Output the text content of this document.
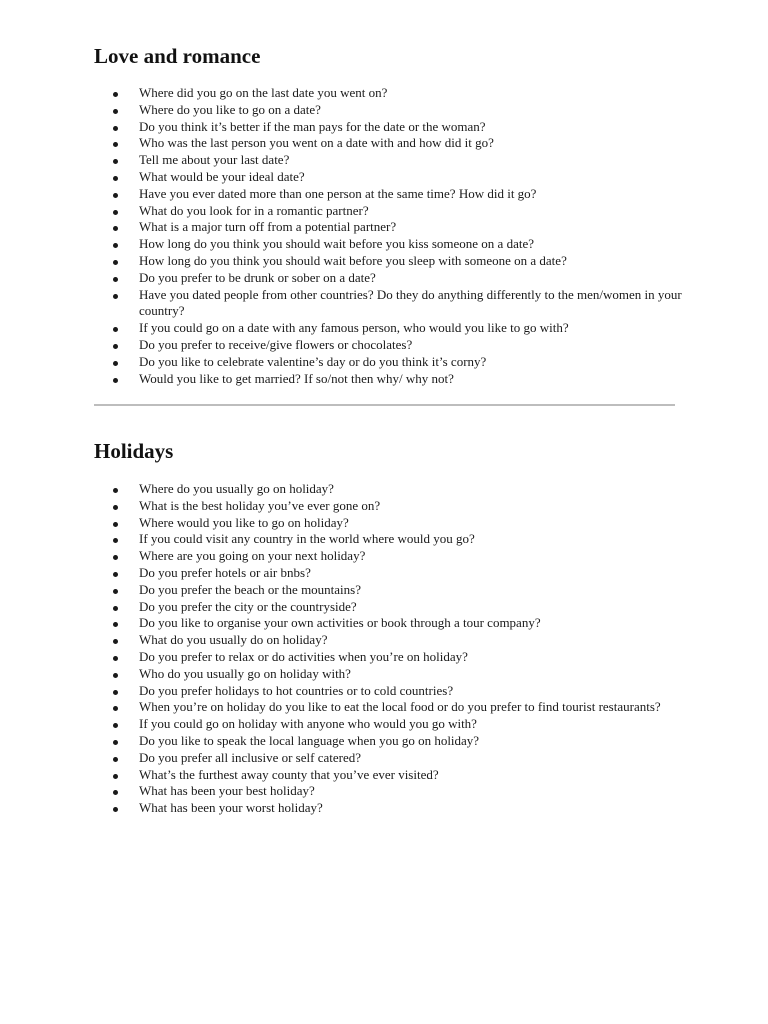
Love and romance
Where did you go on the last date you went on?
Where do you like to go on a date?
Do you think it’s better if the man pays for the date or the woman?
Who was the last person you went on a date with and how did it go?
Tell me about your last date?
What would be your ideal date?
Have you ever dated more than one person at the same time? How did it go?
What do you look for in a romantic partner?
What is a major turn off from a potential partner?
How long do you think you should wait before you kiss someone on a date?
How long do you think you should wait before you sleep with someone on a date?
Do you prefer to be drunk or sober on a date?
Have you dated people from other countries? Do they do anything differently to the men/women in your country?
If you could go on a date with any famous person, who would you like to go with?
Do you prefer to receive/give flowers or chocolates?
Do you like to celebrate valentine’s day or do you think it’s corny?
Would you like to get married? If so/not then why/ why not?
Holidays
Where do you usually go on holiday?
What is the best holiday you’ve ever gone on?
Where would you like to go on holiday?
If you could visit any country in the world where would you go?
Where are you going on your next holiday?
Do you prefer hotels or air bnbs?
Do you prefer the beach or the mountains?
Do you prefer the city or the countryside?
Do you like to organise your own activities or book through a tour company?
What do you usually do on holiday?
Do you prefer to relax or do activities when you’re on holiday?
Who do you usually go on holiday with?
Do you prefer holidays to hot countries or to cold countries?
When you’re on holiday do you like to eat the local food or do you prefer to find tourist restaurants?
If you could go on holiday with anyone who would you go with?
Do you like to speak the local language when you go on holiday?
Do you prefer all inclusive or self catered?
What’s the furthest away county that you’ve ever visited?
What has been your best holiday?
What has been your worst holiday?
